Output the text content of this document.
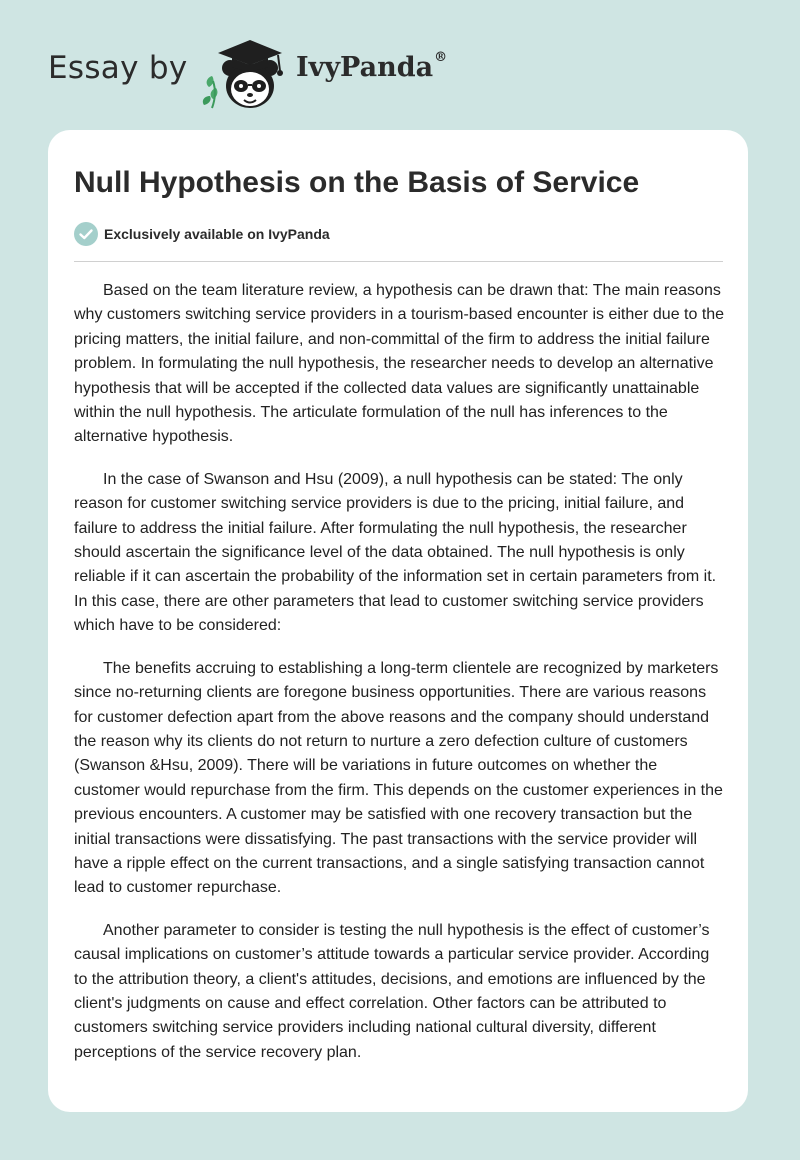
Essay by	IvyPanda®
Null Hypothesis on the Basis of Service
Exclusively available on IvyPanda

Based on the team literature review, a hypothesis can be drawn that: The main reasons why customers switching service providers in a tourism-based encounter is either due to the pricing matters, the initial failure, and non-committal of the firm to address the initial failure problem. In formulating the null hypothesis, the researcher needs to develop an alternative hypothesis that will be accepted if the collected data values are significantly unattainable within the null hypothesis. The articulate formulation of the null has inferences to the alternative hypothesis.

In the case of Swanson and Hsu (2009), a null hypothesis can be stated: The only reason for customer switching service providers is due to the pricing, initial failure, and failure to address the initial failure. After formulating the null hypothesis, the researcher should ascertain the significance level of the data obtained. The null hypothesis is only reliable if it can ascertain the probability of the information set in certain parameters from it. In this case, there are other parameters that lead to customer switching service providers which have to be considered:

The benefits accruing to establishing a long-term clientele are recognized by marketers since no-returning clients are foregone business opportunities. There are various reasons for customer defection apart from the above reasons and the company should understand the reason why its clients do not return to nurture a zero defection culture of customers (Swanson &Hsu, 2009). There will be variations in future outcomes on whether the customer would repurchase from the firm. This depends on the customer experiences in the previous encounters. A customer may be satisfied with one recovery transaction but the initial transactions were dissatisfying. The past transactions with the service provider will have a ripple effect on the current transactions, and a single satisfying transaction cannot lead to customer repurchase.

Another parameter to consider is testing the null hypothesis is the effect of customer’s causal implications on customer’s attitude towards a particular service provider. According to the attribution theory, a client's attitudes, decisions, and emotions are influenced by the client's judgments on cause and effect correlation. Other factors can be attributed to customers switching service providers including national cultural diversity, different perceptions of the service recovery plan.
